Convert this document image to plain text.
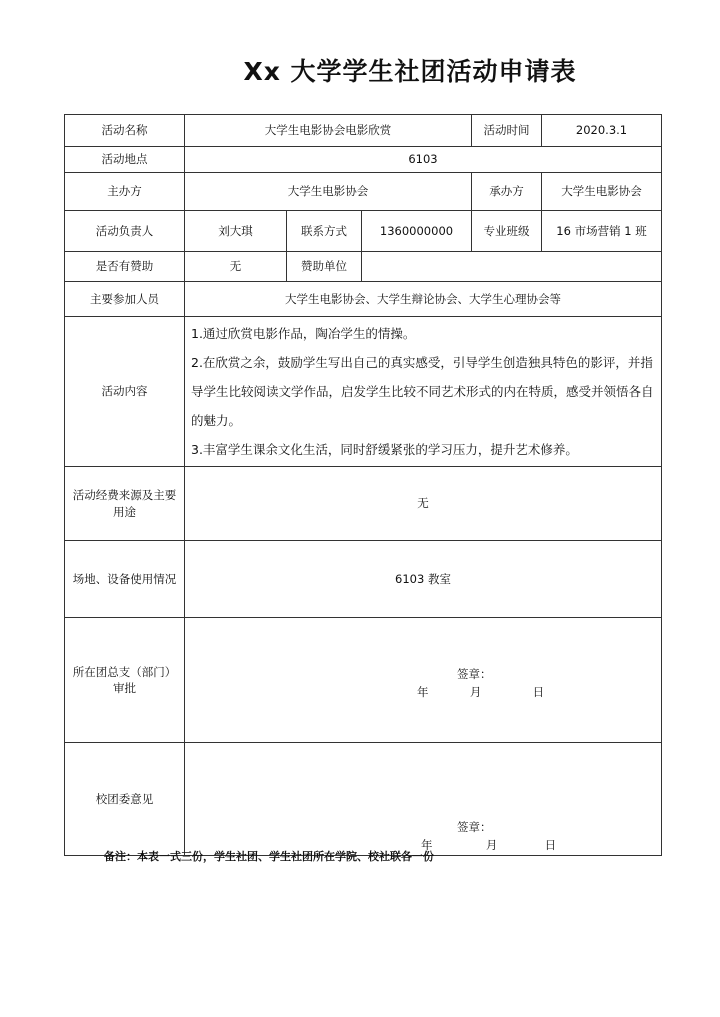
Xx 大学学生社团活动申请表
活动名称	大学生电影协会电影欣赏			活动时间	2020.3.1
活动地点	6103				
主办方	大学生电影协会			承办方	大学生电影协会
活动负责人	刘大琪	联系方式	1360000000	专业班级	16 市场营销 1 班
是否有赞助	无	赞助单位			
主要参加人员	大学生电影协会、大学生辩论协会、大学生心理协会等				
活动内容	1.通过欣赏电影作品，陶冶学生的情操。
2.在欣赏之余，鼓励学生写出自己的真实感受，引导学生创造独具特色的影评，并指导学生比较阅读文学作品，启发学生比较不同艺术形式的内在特质，感受并领悟各自的魅力。
3.丰富学生课余文化生活，同时舒缓紧张的学习压力，提升艺术修养。				

活动经费来源及主要用途	无				
场地、设备使用情况	6103 教室				
所在团总支（部门）审批	签章：
年 月 日				

校团委意见	签章：
年 月 日				
备注：本表一式三份，学生社团、学生社团所在学院、校社联各一份
